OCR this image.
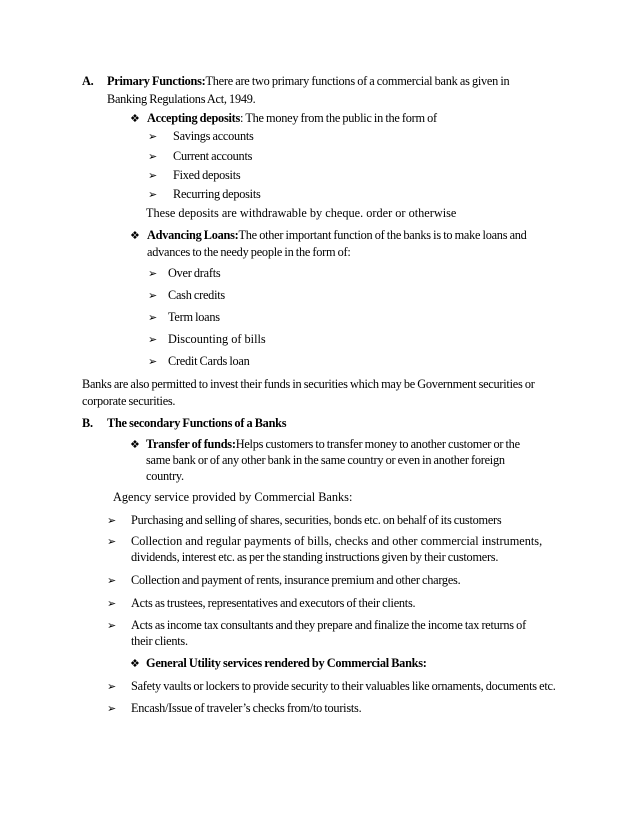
A. Primary Functions:There are two primary functions of a commercial bank as given in
Banking Regulations Act, 1949.
❖ Accepting deposits: The money from the public in the form of
➢ Savings accounts
➢ Current accounts
➢ Fixed deposits
➢ Recurring deposits
These deposits are withdrawable by cheque. order or otherwise
❖ Advancing Loans:The other important function of the banks is to make loans and
advances to the needy people in the form of:
➢ Over drafts
➢ Cash credits
➢ Term loans
➢ Discounting of bills
➢ Credit Cards loan
Banks are also permitted to invest their funds in securities which may be Government securities or
corporate securities.
B. The secondary Functions of a Banks
❖ Transfer of funds:Helps customers to transfer money to another customer or the
same bank or of any other bank in the same country or even in another foreign
country.
Agency service provided by Commercial Banks:
➢ Purchasing and selling of shares, securities, bonds etc. on behalf of its customers
➢ Collection and regular payments of bills, checks and other commercial instruments,
dividends, interest etc. as per the standing instructions given by their customers.
➢ Collection and payment of rents, insurance premium and other charges.
➢ Acts as trustees, representatives and executors of their clients.
➢ Acts as income tax consultants and they prepare and finalize the income tax returns of
their clients.
❖ General Utility services rendered by Commercial Banks:
➢ Safety vaults or lockers to provide security to their valuables like ornaments, documents etc.
➢ Encash/Issue of traveler’s checks from/to tourists.
